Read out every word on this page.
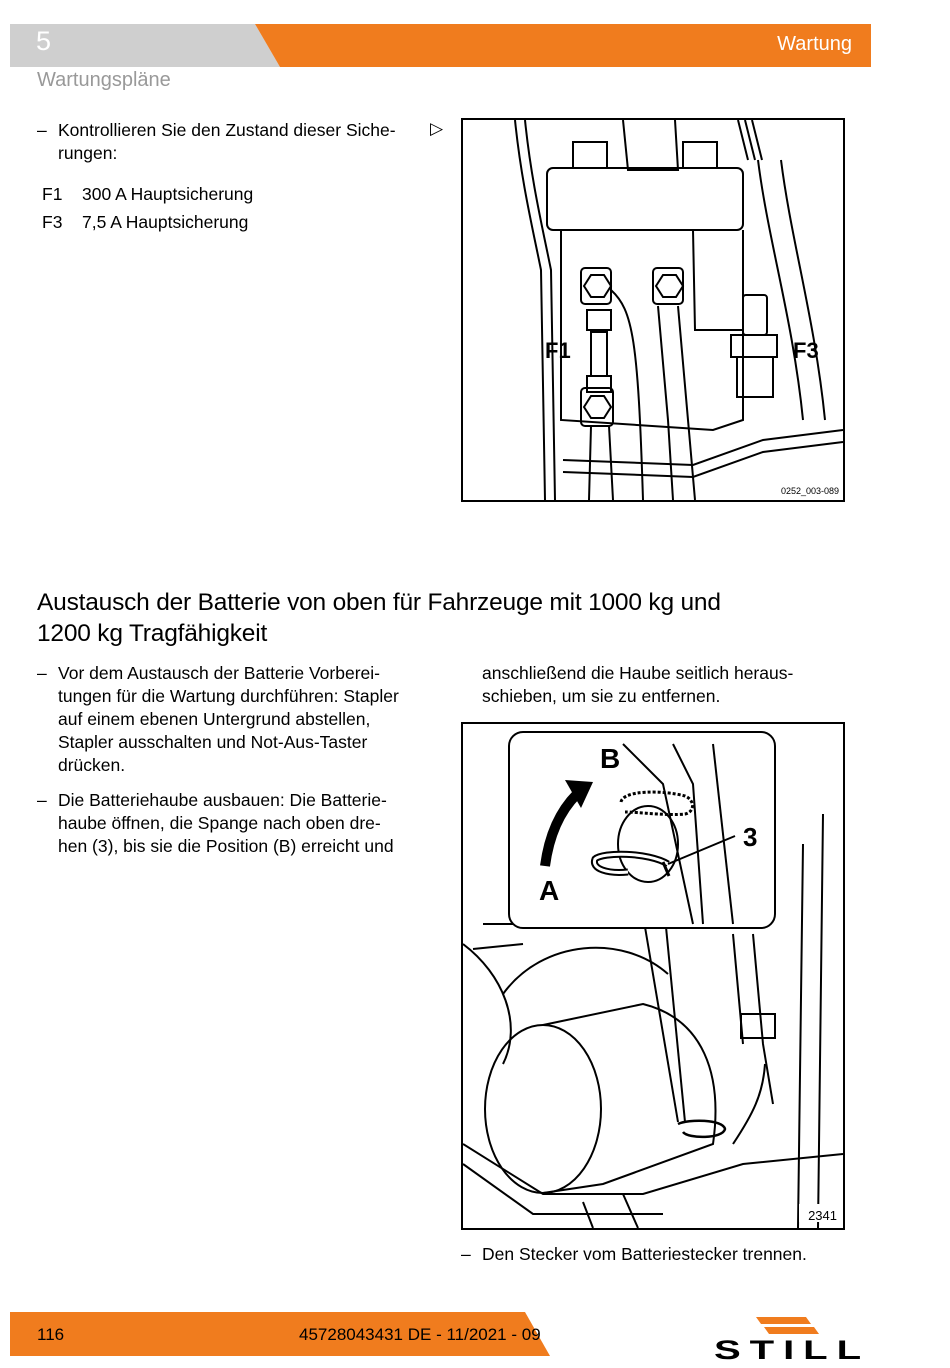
5	Wartung
Wartungspläne
– Kontrollieren Sie den Zustand dieser Siche-
rungen:
▷
F1 300 A Hauptsicherung
F3 7,5 A Hauptsicherung
F1	F3
0252_003-089
Austausch der Batterie von oben für Fahrzeuge mit 1000 kg und
1200 kg Tragfähigkeit
– Vor dem Austausch der Batterie Vorberei-
tungen für die Wartung durchführen: Stapler
auf einem ebenen Untergrund abstellen,
Stapler ausschalten und Not-Aus-Taster
drücken.
– Die Batteriehaube ausbauen: Die Batterie-
haube öffnen, die Spange nach oben dre-
hen (3), bis sie die Position (B) erreicht und
anschließend die Haube seitlich heraus-
schieben, um sie zu entfernen.
B
A
3
2341
– Den Stecker vom Batteriestecker trennen.
116	45728043431 DE - 11/2021 - 09
STILL
